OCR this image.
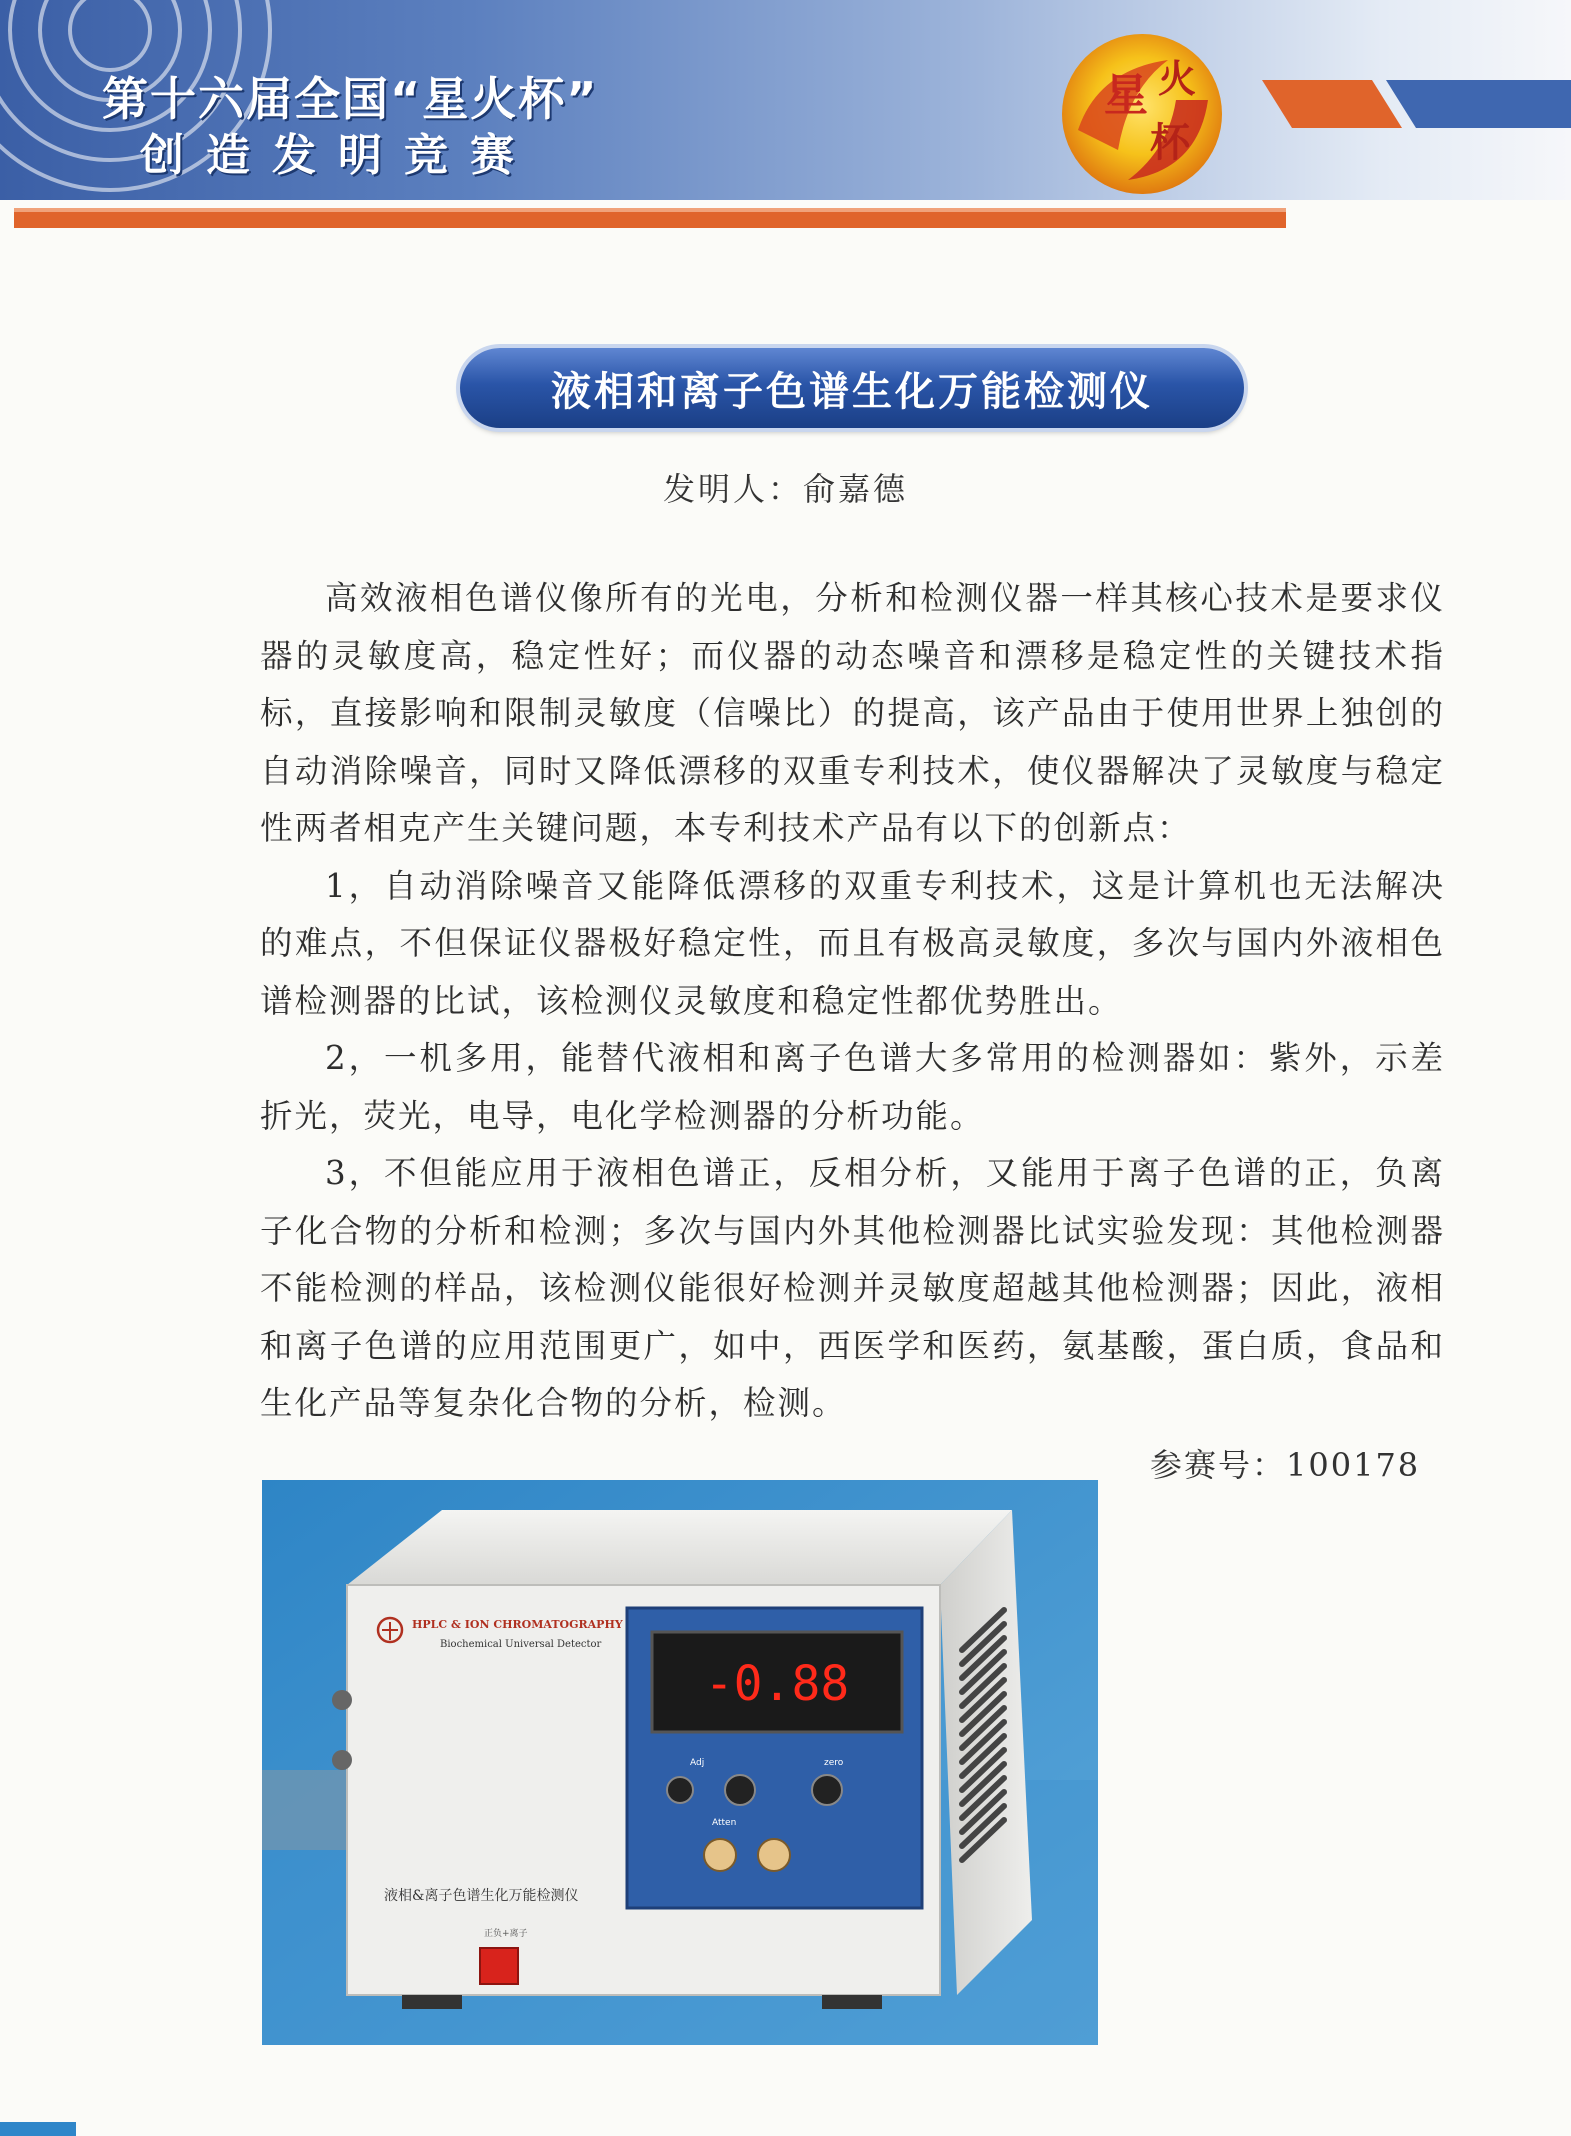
第十六届全国“星火杯”
创造发明竞赛
星 火
杯
液相和离子色谱生化万能检测仪
发明人：俞嘉德

高效液相色谱仪像所有的光电，分析和检测仪器一样其核心技术是要求仪器的灵敏度高，稳定性好；而仪器的动态噪音和漂移是稳定性的关键技术指标，直接影响和限制灵敏度（信噪比）的提高，该产品由于使用世界上独创的自动消除噪音，同时又降低漂移的双重专利技术，使仪器解决了灵敏度与稳定性两者相克产生关键问题，本专利技术产品有以下的创新点：

1，自动消除噪音又能降低漂移的双重专利技术，这是计算机也无法解决的难点，不但保证仪器极好稳定性，而且有极高灵敏度，多次与国内外液相色谱检测器的比试，该检测仪灵敏度和稳定性都优势胜出。

2，一机多用，能替代液相和离子色谱大多常用的检测器如：紫外，示差折光，荧光，电导，电化学检测器的分析功能。

3，不但能应用于液相色谱正，反相分析，又能用于离子色谱的正，负离子化合物的分析和检测；多次与国内外其他检测器比试实验发现：其他检测器不能检测的样品，该检测仪能很好检测并灵敏度超越其他检测器；因此，液相和离子色谱的应用范围更广，如中，西医学和医药，氨基酸，蛋白质，食品和生化产品等复杂化合物的分析，检测。

参赛号：100178
HPLC & ION CHROMATOGRAPHY
Biochemical Universal Detector
-0.88
Adj	zero
Atten
液相&离子色谱生化万能检测仪
正负+离子
